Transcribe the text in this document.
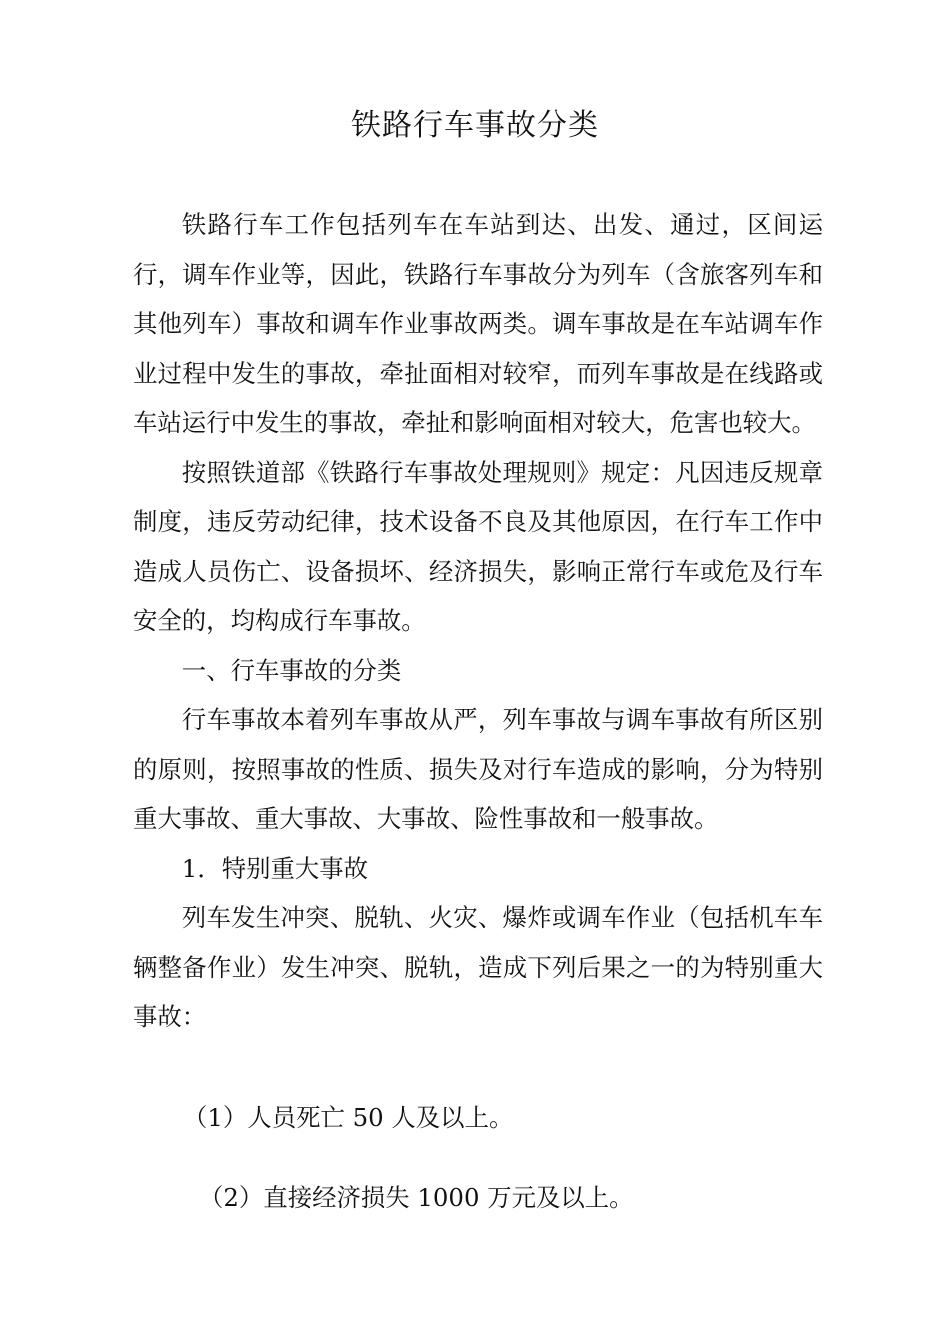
铁路行车事故分类

铁路行车工作包括列车在车站到达、出发、通过，区间运行，调车作业等，因此，铁路行车事故分为列车（含旅客列车和其他列车）事故和调车作业事故两类。调车事故是在车站调车作业过程中发生的事故，牵扯面相对较窄，而列车事故是在线路或车站运行中发生的事故，牵扯和影响面相对较大，危害也较大。

按照铁道部《铁路行车事故处理规则》规定：凡因违反规章制度，违反劳动纪律，技术设备不良及其他原因，在行车工作中造成人员伤亡、设备损坏、经济损失，影响正常行车或危及行车安全的，均构成行车事故。

一、行车事故的分类

行车事故本着列车事故从严，列车事故与调车事故有所区别的原则，按照事故的性质、损失及对行车造成的影响，分为特别重大事故、重大事故、大事故、险性事故和一般事故。

1．特别重大事故

列车发生冲突、脱轨、火灾、爆炸或调车作业（包括机车车辆整备作业）发生冲突、脱轨，造成下列后果之一的为特别重大事故：

（1）人员死亡 50 人及以上。
（2）直接经济损失 1000 万元及以上。
